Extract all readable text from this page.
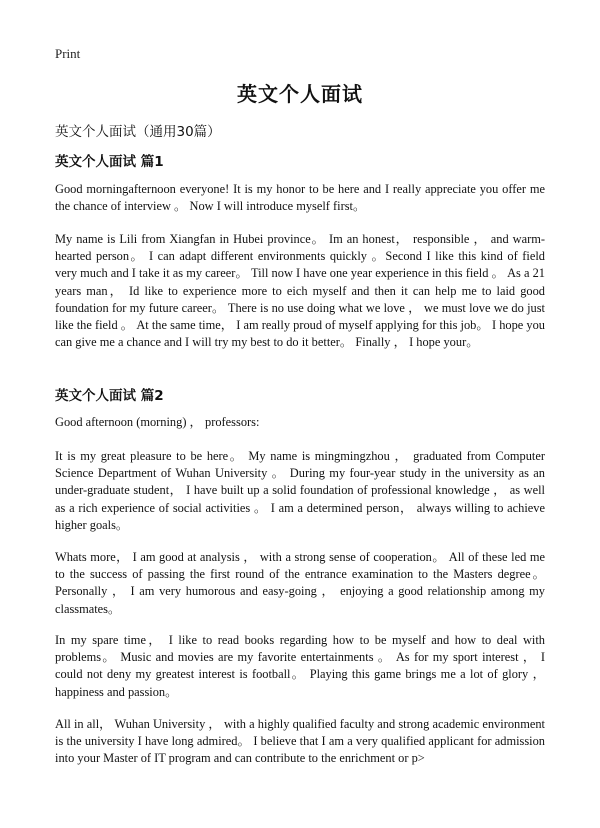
Print
英文个人面试
英文个人面试（通用30篇）
英文个人面试 篇1

Good morningafternoon everyone! It is my honor to be here and I really appreciate you offer me the chance of interview 。 Now I will introduce myself first。

My name is Lili from Xiangfan in Hubei province。 Im an honest， responsible ， and warm-hearted person。 I can adapt different environments quickly 。Second I like this kind of field very much and I take it as my career。 Till now I have one year experience in this field 。 As a 21 years man， Id like to experience more to eich myself and then it can help me to laid good foundation for my future career。 There is no use doing what we love ， we must love we do just like the field 。 At the same time， I am really proud of myself applying for this job。 I hope you can give me a chance and I will try my best to do it better。 Finally ， I hope your。

英文个人面试 篇2

Good afternoon (morning) ， professors:

It is my great pleasure to be here。 My name is mingmingzhou ， graduated from Computer Science Department of Wuhan University 。 During my four-year study in the university as an under-graduate student， I have built up a solid foundation of professional knowledge ， as well as a rich experience of social activities 。 I am a determined person， always willing to achieve higher goals。

Whats more， I am good at analysis ， with a strong sense of cooperation。 All of these led me to the success of passing the first round of the entrance examination to the Masters degree。 Personally ， I am very humorous and easy-going ， enjoying a good relationship among my classmates。

In my spare time， I like to read books regarding how to be myself and how to deal with problems。 Music and movies are my favorite entertainments 。 As for my sport interest ， I could not deny my greatest interest is football。 Playing this game brings me a lot of glory ， happiness and passion。

All in all， Wuhan University ， with a highly qualified faculty and strong academic environment is the university I have long admired。 I believe that I am a very qualified applicant for admission into your Master of IT program and can contribute to the enrichment or p>
